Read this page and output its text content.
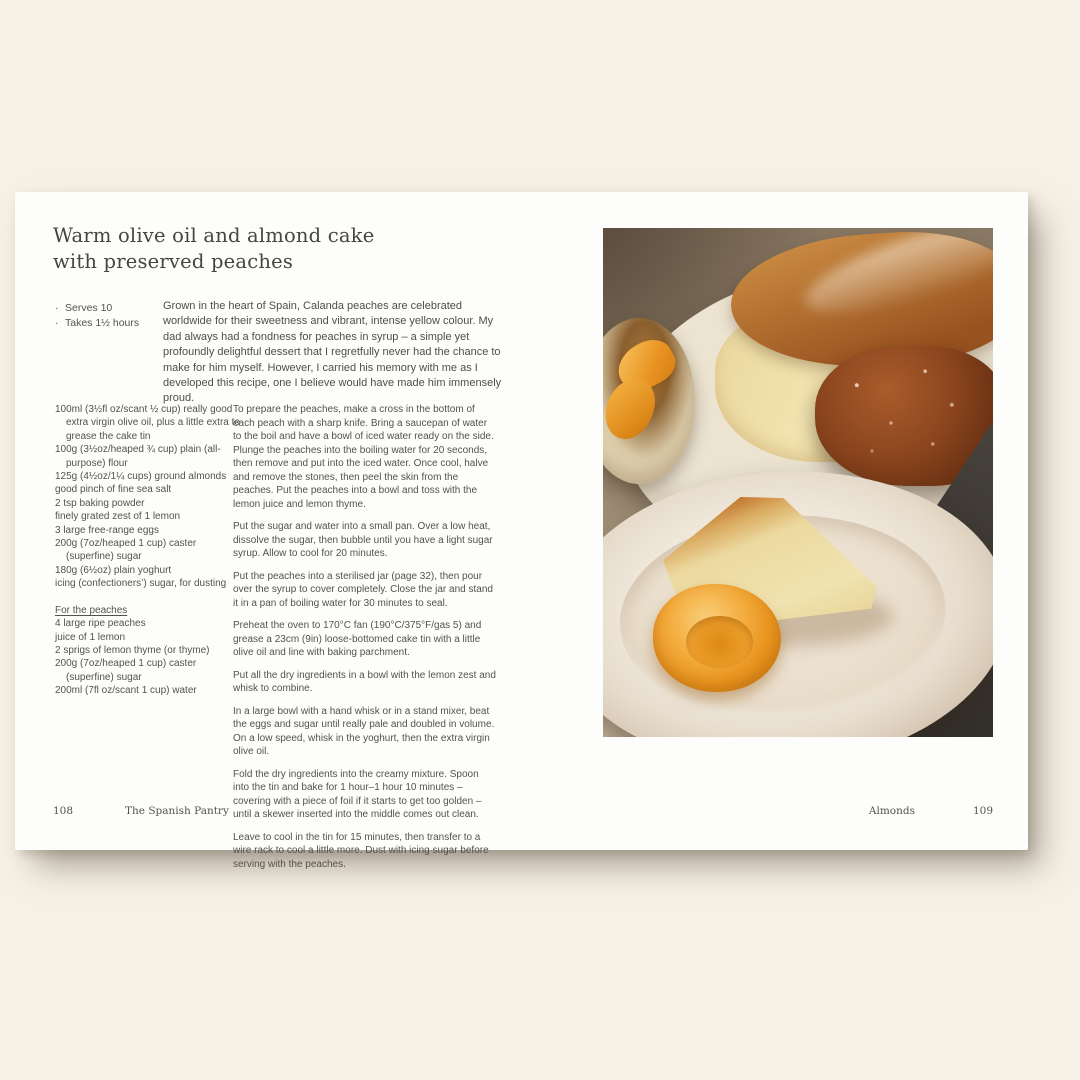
Warm olive oil and almond cake
with preserved peaches
· Serves 10
· Takes 1½ hours
Grown in the heart of Spain, Calanda peaches are celebrated worldwide for their sweetness and vibrant, intense yellow colour. My dad always had a fondness for peaches in syrup – a simple yet profoundly delightful dessert that I regretfully never had the chance to make for him myself. However, I carried his memory with me as I developed this recipe, one I believe would have made him immensely proud.
100ml (3½fl oz/scant ½ cup) really good extra virgin olive oil, plus a little extra to grease the cake tin
100g (3½oz/heaped ¾ cup) plain (all-purpose) flour
125g (4½oz/1¼ cups) ground almonds
good pinch of fine sea salt
2 tsp baking powder
finely grated zest of 1 lemon
3 large free-range eggs
200g (7oz/heaped 1 cup) caster (superfine) sugar
180g (6½oz) plain yoghurt
icing (confectioners’) sugar, for dusting
For the peaches
4 large ripe peaches
juice of 1 lemon
2 sprigs of lemon thyme (or thyme)
200g (7oz/heaped 1 cup) caster (superfine) sugar
200ml (7fl oz/scant 1 cup) water

To prepare the peaches, make a cross in the bottom of each peach with a sharp knife. Bring a saucepan of water to the boil and have a bowl of iced water ready on the side. Plunge the peaches into the boiling water for 20 seconds, then remove and put into the iced water. Once cool, halve and remove the stones, then peel the skin from the peaches. Put the peaches into a bowl and toss with the lemon juice and lemon thyme.

Put the sugar and water into a small pan. Over a low heat, dissolve the sugar, then bubble until you have a light sugar syrup. Allow to cool for 20 minutes.

Put the peaches into a sterilised jar (page 32), then pour over the syrup to cover completely. Close the jar and stand it in a pan of boiling water for 30 minutes to seal.

Preheat the oven to 170°C fan (190°C/375°F/gas 5) and grease a 23cm (9in) loose-bottomed cake tin with a little olive oil and line with baking parchment.

Put all the dry ingredients in a bowl with the lemon zest and whisk to combine.

In a large bowl with a hand whisk or in a stand mixer, beat the eggs and sugar until really pale and doubled in volume. On a low speed, whisk in the yoghurt, then the extra virgin olive oil.

Fold the dry ingredients into the creamy mixture. Spoon into the tin and bake for 1 hour–1 hour 10 minutes – covering with a piece of foil if it starts to get too golden – until a skewer inserted into the middle comes out clean.

Leave to cool in the tin for 15 minutes, then transfer to a wire rack to cool a little more. Dust with icing sugar before serving with the peaches.

108	The Spanish Pantry	Almonds	109
